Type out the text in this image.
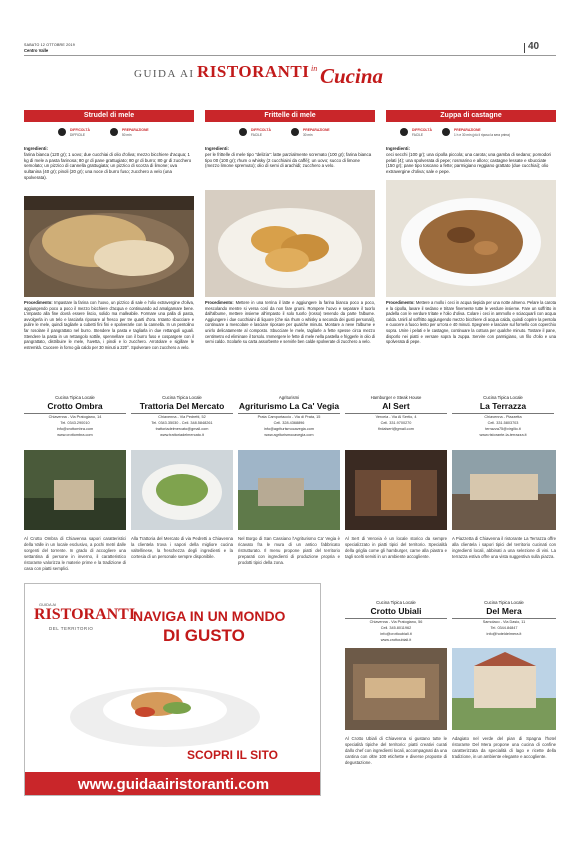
SABATO 12 OTTOBRE 2019
Centro Valle	40
GUIDA AI RISTORANTI in Cucina
Strudel di mele
DIFFICOLTÀ
DIFFICILE
PREPARAZIONE
50 min
Ingredienti:
farina bianca (120 gr); 1 uovo; due cucchiai di olio d'oliva; mezzo bicchiere d'acqua; 1 kg di mele a pasta farinosa; 80 gr di pane grattugiato; 80 gr di burro; 80 gr di zucchero semolato; un pizzico di cannella grattugiata; un pizzico di scorza di limone; uva sultanina (40 gr); pinoli (20 gr); una noce di burro fuso; zucchero a velo (una spolverata).
Procedimento: Impastare la farina con l'uovo, un pizzico di sale e l'olio extravergine d'oliva, aggiungendo poco a poco il mezzo bicchiere d'acqua e continuando ad amalgamare bene. L'impasto alla fine dovrà essere liscio, solido ma malleabile. Formare una palla di pasta, avvolgerla in un telo e lasciarla riposare al fresco per tre quarti d'ora. Intanto sbucciare e pulire le mele, quindi tagliarle a cubetti fini fini e spolverarle con la cannella. In un pentolino far rosolare il pangrattato nel burro. Stendere la pasta e tagliarla in due rettangoli uguali. Stendere la pasta in un rettangolo sottile, spennellare con il burro fuso e cospargere con il pangrattato, distribuire le mele, l'uvetta, i pinoli e lo zucchero. Arrotolare e sigillare le estremità. Cuocere in forno già caldo per 30 minuti a 220°. Spolverare con zucchero a velo.
Frittelle di mele
DIFFICOLTÀ
FACILE
PREPARAZIONE
30 min
Ingredienti:
per le frittelle di mele tipo "delizia": latte parzialmente scremato (100 gr); farina bianca tipo 00 (100 gr); rhum o whisky (2 cucchiaini da caffè); un uovo; succo di limone (mezzo limone spremuto); olio di semi di arachidi; zucchero a velo.
Procedimento: Mettere in una terrina il latte e aggiungere la farina bianca poco a poco, mescolando mentre si versa così da non fare grumi. Rompere l'uovo e separare il tuorlo dall'albume, mettere insieme all'impasto il solo tuorlo (rosso) tenendo da parte l'albume. Aggiungere i due cucchiaini di liquore (che sia rhum o whisky a seconda dei gusti personali), continuare a mescolare e lasciare riposare per qualche minuto. Montare a neve l'albume e unirlo delicatamente al composto. Sbucciare le mele, tagliarle a fette spesse circa mezzo centimetro ed eliminare il torsolo. Immergere le fette di mele nella pastella e friggerle in olio di semi caldo. Scolarle su carta assorbente e servirle ben calde spolverate di zucchero a velo.
Zuppa di castagne
DIFFICOLTÀ
FACILE
PREPARAZIONE
1 h e 30 min (più il riposo la sera prima)
Ingredienti:
ceci secchi (100 gr); una cipolla piccola; una carota; una gamba di sedano; pomodori pelati (4); una spolverata di pepe; rosmarino e alloro; castagne lessate e sbucciate (150 gr); pane tipo toscano a fette; parmigiano reggiano grattato (due cucchiai); olio extravergine d'oliva; sale e pepe.
Procedimento: Mettere a mollo i ceci in acqua tiepida per una notte almeno. Pelare la carota e la cipolla, lavare il sedano e tritare finemente tutte le verdure insieme. Fare un soffritto in padella con le verdure tritate e l'olio d'oliva. Colare i ceci in ammollo e sciacquarli con acqua calda. Unirli al soffritto aggiungendo mezzo bicchiere di acqua calda, quindi coprire la pentola e cuocere a fuoco lento per un'ora e 40 minuti. Spegnere e lasciare sul fornello con coperchio sopra. Unire i pelati e le castagne, continuare la cottura per qualche minuto. Tostare il pane, disporlo nei piatti e versare sopra la zuppa. Servire con parmigiano, un filo d'olio e una spolverata di pepe.
Cucina Tipica Locale
Crotto Ombra
Chiavenna - Via Pratogiano, 14
Tel. 0343.290010
info@crottombra.com
www.crottombra.com
Cucina Tipica Locale
Trattoria Del Mercato
Chiavenna - Via Pedretti, 52
Tel. 0343.35030 - Cell. 348.5848261
trattoriadelmercato@gmail.com
www.trattoriadelmercato.it
Agriturismi
Agriturismo La Ca' Vegia
Prata Camportaccio - Via di Prata, 15
Cell. 328.4368896
info@agriturismocavegia.com
www.agriturismocavegia.com
Hamburger e Steak House
Al Sert
Verceia - Via Al Sertio, 4
Cell. 331.9700270
firdalsert@gmail.com
Cucina Tipica Locale
La Terrazza
Chiavenna - Piazzetta
Cell. 331.5803703
terrazza75@virgilio.it
www.ristorante-la-terrazza.it
Al Crotto Ombra di Chiavenna sapori caratteristici della Valle in un locale esclusivo, a pochi metri dalle sorgenti del torrente. In grado di accogliere una settantina di persone in inverno, il caratteristico ristorante valorizza le materie prime e la tradizione di casa con piatti semplici.
Alla Trattoria del Mercato di via Pedretti a Chiavenna la clientela trova i sapori della migliore cucina valtellinese, la freschezza degli ingredienti e la cortesia di un personale sempre disponibile.
Nel Borgo di San Cassiano l'Agriturismo Ca' Vegia è ricavato fra le mura di un antico fabbricato ristrutturato. Il menu propone piatti del territorio preparati con ingredienti di produzione propria e prodotti tipici della zona.
Al Sert di Verceia è un locale storico da sempre specializzato in piatti tipici del territorio. Specialità della griglia come gli hamburger, carne alla piastra e tagli scelti serviti in un ambiente accogliente.
A Piazzetta di Chiavenna il ristorante La Terrazza offre alla clientela i sapori tipici del territorio cucinati con ingredienti locali, abbinati a una selezione di vini. La terrazza estiva offre una vista suggestiva sulla piazza.
Cucina Tipica Locale
Crotto Ubiali
Chiavenna - Via Pratogiano, 56
Cell. 345.8011962
info@crottoubiali.it
www.crottoubiali.it
Cucina Tipica Locale
Del Mera
Samolaco - Via Dasio, 11
Tel. 0344.84847
info@hoteldelmera.it
Al Crotto Ubiali di Chiavenna si gustano tutte le specialità tipiche del territorio: piatti creativi curati dallo chef con ingredienti locali, accompagnati da una cantina con oltre 100 etichette e diverse proposte di degustazione.
Adagiato nel verde del pian di Spagna l'hotel ristorante Del Mera propone una cucina di confine caratterizzata da specialità di lago e ricette della tradizione, in un ambiente elegante e accogliente.
GUIDA AI
RISTORANTI
DEL TERRITORIO
NAVIGA IN UN MONDO
DI GUSTO
SCOPRI IL SITO
www.guidaairistoranti.com
